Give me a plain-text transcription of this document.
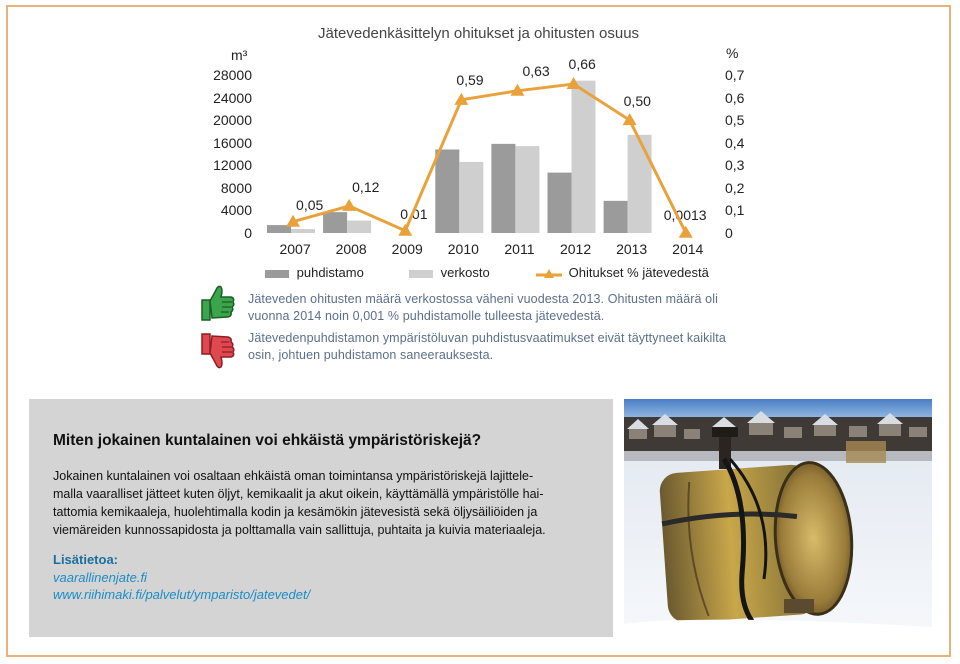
Jätevedenkäsittelyn ohitukset ja ohitusten osuus
m³	%
28000
24000
20000
16000
12000
8000
4000
0
0,7
0,6
0,5
0,4
0,3
0,2
0,1
0
2007	2008	2009	2010	2011	2012	2013	2014
0,05
0,12
0,01
0,59
0,63 0,66
0,50
0,0013
puhdistamo	verkosto	Ohitukset % jätevedestä
Jäteveden ohitusten määrä verkostossa väheni vuodesta 2013. Ohitusten määrä oli
vuonna 2014 noin 0,001 % puhdistamolle tulleesta jätevedestä.
Jätevedenpuhdistamon ympäristöluvan puhdistusvaatimukset eivät täyttyneet kaikilta
osin, johtuen puhdistamon saneerauksesta.
Miten jokainen kuntalainen voi ehkäistä ympäristöriskejä?
Jokainen kuntalainen voi osaltaan ehkäistä oman toimintansa ympäristöriskejä lajittele-
malla vaaralliset jätteet kuten öljyt, kemikaalit ja akut oikein, käyttämällä ympäristölle hai-
tattomia kemikaaleja, huolehtimalla kodin ja kesämökin jätevesistä sekä öljysäiliöiden ja
viemäreiden kunnossapidosta ja polttamalla vain sallittuja, puhtaita ja kuivia materiaaleja.
Lisätietoa:
vaarallinenjate.fi
www.riihimaki.fi/palvelut/ymparisto/jatevedet/
